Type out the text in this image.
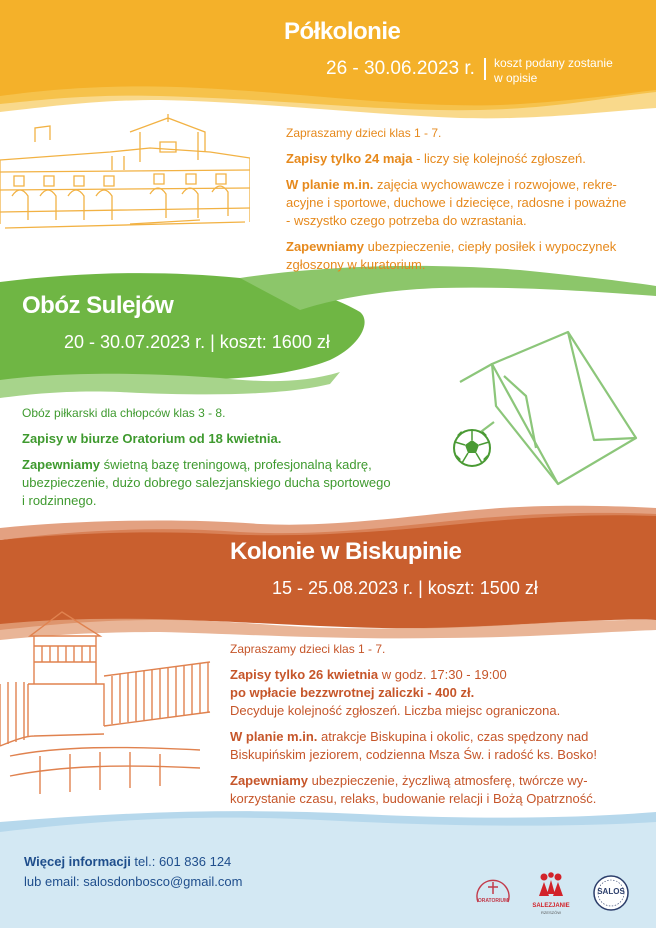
Półkolonie
26 - 30.06.2023 r. koszt podany zostanie
w opisie

Zapraszamy dzieci klas 1 - 7.

Zapisy tylko 24 maja - liczy się kolejność zgłoszeń.

W planie m.in. zajęcia wychowawcze i rozwojowe, rekre-

acyjne i sportowe, duchowe i dziecięce, radosne i poważne

- wszystko czego potrzeba do wzrastania.

Zapewniamy ubezpieczenie, ciepły posiłek i wypoczynek

zgłoszony w kuratorium.

Obóz Sulejów
20 - 30.07.2023 r. | koszt: 1600 zł

Obóz piłkarski dla chłopców klas 3 - 8.

Zapisy w biurze Oratorium od 18 kwietnia.

Zapewniamy świetną bazę treningową, profesjonalną kadrę,

ubezpieczenie, dużo dobrego salezjanskiego ducha sportowego

i rodzinnego.

Kolonie w Biskupinie
15 - 25.08.2023 r. | koszt: 1500 zł

Zapraszamy dzieci klas 1 - 7.

Zapisy tylko 26 kwietnia w godz. 17:30 - 19:00

po wpłacie bezzwrotnej zaliczki - 400 zł.

Decyduje kolejność zgłoszeń. Liczba miejsc ograniczona.

W planie m.in. atrakcje Biskupina i okolic, czas spędzony nad

Biskupińskim jeziorem, codzienna Msza Św. i radość ks. Bosko!

Zapewniamy ubezpieczenie, życzliwą atmosferę, twórcze wy-

korzystanie czasu, relaks, budowanie relacji i Bożą Opatrzność.

Więcej informacji tel.: 601 836 124

lub email: salosdonbosco@gmail.com

ORATORIUM
SALEZJANIE
RZESZÓW
SALOS
